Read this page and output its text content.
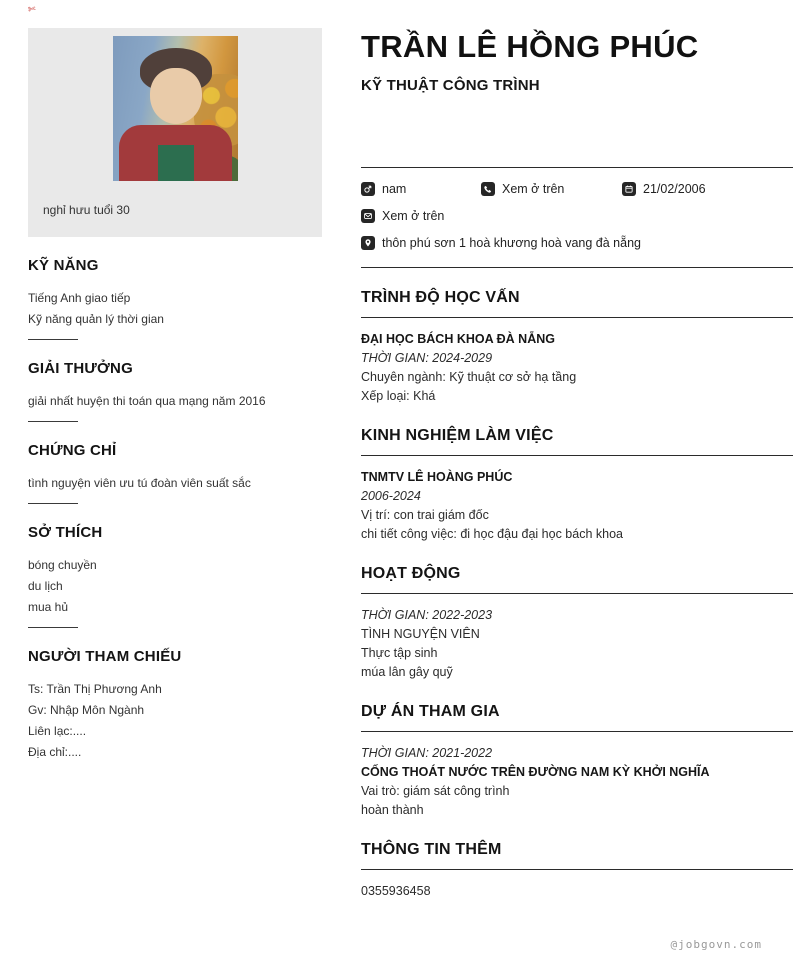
✄

nghỉ hưu tuổi 30

KỸ NĂNG

Tiếng Anh giao tiếp

Kỹ năng quản lý thời gian

GIẢI THƯỞNG

giải nhất huyện thi toán qua mạng năm 2016

CHỨNG CHỈ

tình nguyện viên ưu tú đoàn viên suất sắc

SỞ THÍCH

bóng chuyền

du lịch

mua hủ

NGƯỜI THAM CHIẾU

Ts: Trần Thị Phương Anh

Gv: Nhập Môn Ngành

Liên lạc:....

Địa chỉ:....

TRẦN LÊ HỒNG PHÚC
KỸ THUẬT CÔNG TRÌNH
nam	Xem ở trên	21/02/2006
Xem ở trên
thôn phú sơn 1 hoà khương hoà vang đà nẵng
TRÌNH ĐỘ HỌC VẤN

ĐẠI HỌC BÁCH KHOA ĐÀ NẴNG

THỜI GIAN: 2024-2029

Chuyên ngành: Kỹ thuật cơ sở hạ tầng

Xếp loại: Khá

KINH NGHIỆM LÀM VIỆC

TNMTV LÊ HOÀNG PHÚC

2006-2024

Vị trí: con trai giám đốc

chi tiết công việc: đi học đậu đại học bách khoa

HOẠT ĐỘNG

THỜI GIAN: 2022-2023

TÌNH NGUYỆN VIÊN

Thực tập sinh

múa lân gây quỹ

DỰ ÁN THAM GIA

THỜI GIAN: 2021-2022

CỐNG THOÁT NƯỚC TRÊN ĐƯỜNG NAM KỲ KHỞI NGHĨA

Vai trò: giám sát công trình

hoàn thành

THÔNG TIN THÊM

0355936458

@jobgovn.com
